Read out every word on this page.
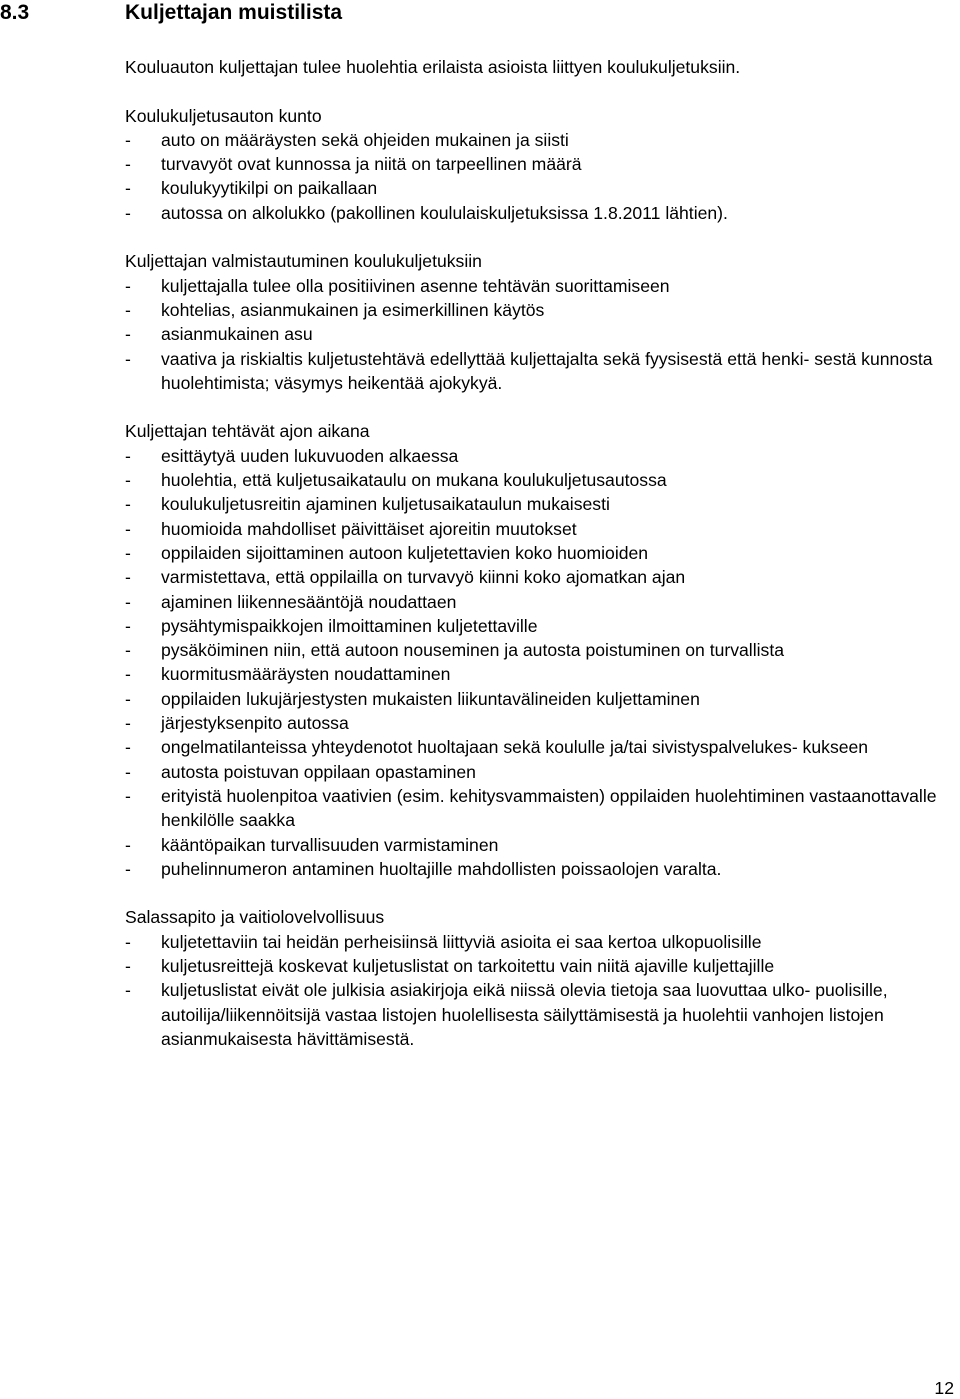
8.3	Kuljettajan muistilista

Kouluauton kuljettajan tulee huolehtia erilaista asioista liittyen koulukuljetuksiin.

Koulukuljetusauton kunto

- auto on määräysten sekä ohjeiden mukainen ja siisti
- turvavyöt ovat kunnossa ja niitä on tarpeellinen määrä
- koulukyytikilpi on paikallaan
- autossa on alkolukko (pakollinen koululaiskuljetuksissa 1.8.2011 lähtien).

Kuljettajan valmistautuminen koulukuljetuksiin

- kuljettajalla tulee olla positiivinen asenne tehtävän suorittamiseen
- kohtelias, asianmukainen ja esimerkillinen käytös
- asianmukainen asu
- vaativa ja riskialtis kuljetustehtävä edellyttää kuljettajalta sekä fyysisestä että henki- sestä kunnosta huolehtimista; väsymys heikentää ajokykyä.

Kuljettajan tehtävät ajon aikana

- esittäytyä uuden lukuvuoden alkaessa
- huolehtia, että kuljetusaikataulu on mukana koulukuljetusautossa
- koulukuljetusreitin ajaminen kuljetusaikataulun mukaisesti
- huomioida mahdolliset päivittäiset ajoreitin muutokset
- oppilaiden sijoittaminen autoon kuljetettavien koko huomioiden
- varmistettava, että oppilailla on turvavyö kiinni koko ajomatkan ajan
- ajaminen liikennesääntöjä noudattaen
- pysähtymispaikkojen ilmoittaminen kuljetettaville
- pysäköiminen niin, että autoon nouseminen ja autosta poistuminen on turvallista
- kuormitusmääräysten noudattaminen
- oppilaiden lukujärjestysten mukaisten liikuntavälineiden kuljettaminen
- järjestyksenpito autossa
- ongelmatilanteissa yhteydenotot huoltajaan sekä koululle ja/tai sivistyspalvelukes- kukseen
- autosta poistuvan oppilaan opastaminen
- erityistä huolenpitoa vaativien (esim. kehitysvammaisten) oppilaiden huolehtiminen vastaanottavalle henkilölle saakka
- kääntöpaikan turvallisuuden varmistaminen
- puhelinnumeron antaminen huoltajille mahdollisten poissaolojen varalta.

Salassapito ja vaitiolovelvollisuus

- kuljetettaviin tai heidän perheisiinsä liittyviä asioita ei saa kertoa ulkopuolisille
- kuljetusreittejä koskevat kuljetuslistat on tarkoitettu vain niitä ajaville kuljettajille
- kuljetuslistat eivät ole julkisia asiakirjoja eikä niissä olevia tietoja saa luovuttaa ulko- puolisille, autoilija/liikennöitsijä vastaa listojen huolellisesta säilyttämisestä ja huolehtii vanhojen listojen asianmukaisesta hävittämisestä.
12
